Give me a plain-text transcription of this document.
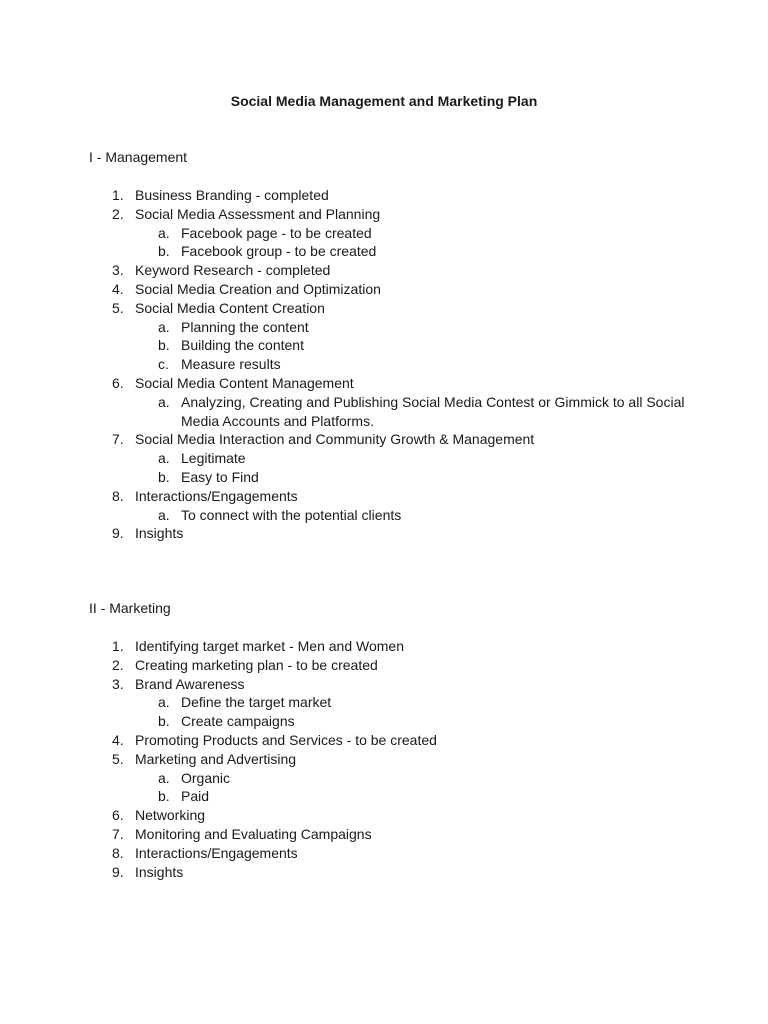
Social Media Management and Marketing Plan
I - Management
1. Business Branding - completed
2. Social Media Assessment and Planning
a. Facebook page - to be created
b. Facebook group - to be created
3. Keyword Research - completed
4. Social Media Creation and Optimization
5. Social Media Content Creation
a. Planning the content
b. Building the content
c. Measure results
6. Social Media Content Management
a. Analyzing, Creating and Publishing Social Media Contest or Gimmick to all Social Media Accounts and Platforms.
7. Social Media Interaction and Community Growth & Management
a. Legitimate
b. Easy to Find
8. Interactions/Engagements
a. To connect with the potential clients
9. Insights
II - Marketing
1. Identifying target market - Men and Women
2. Creating marketing plan - to be created
3. Brand Awareness
a. Define the target market
b. Create campaigns
4. Promoting Products and Services - to be created
5. Marketing and Advertising
a. Organic
b. Paid
6. Networking
7. Monitoring and Evaluating Campaigns
8. Interactions/Engagements
9. Insights
